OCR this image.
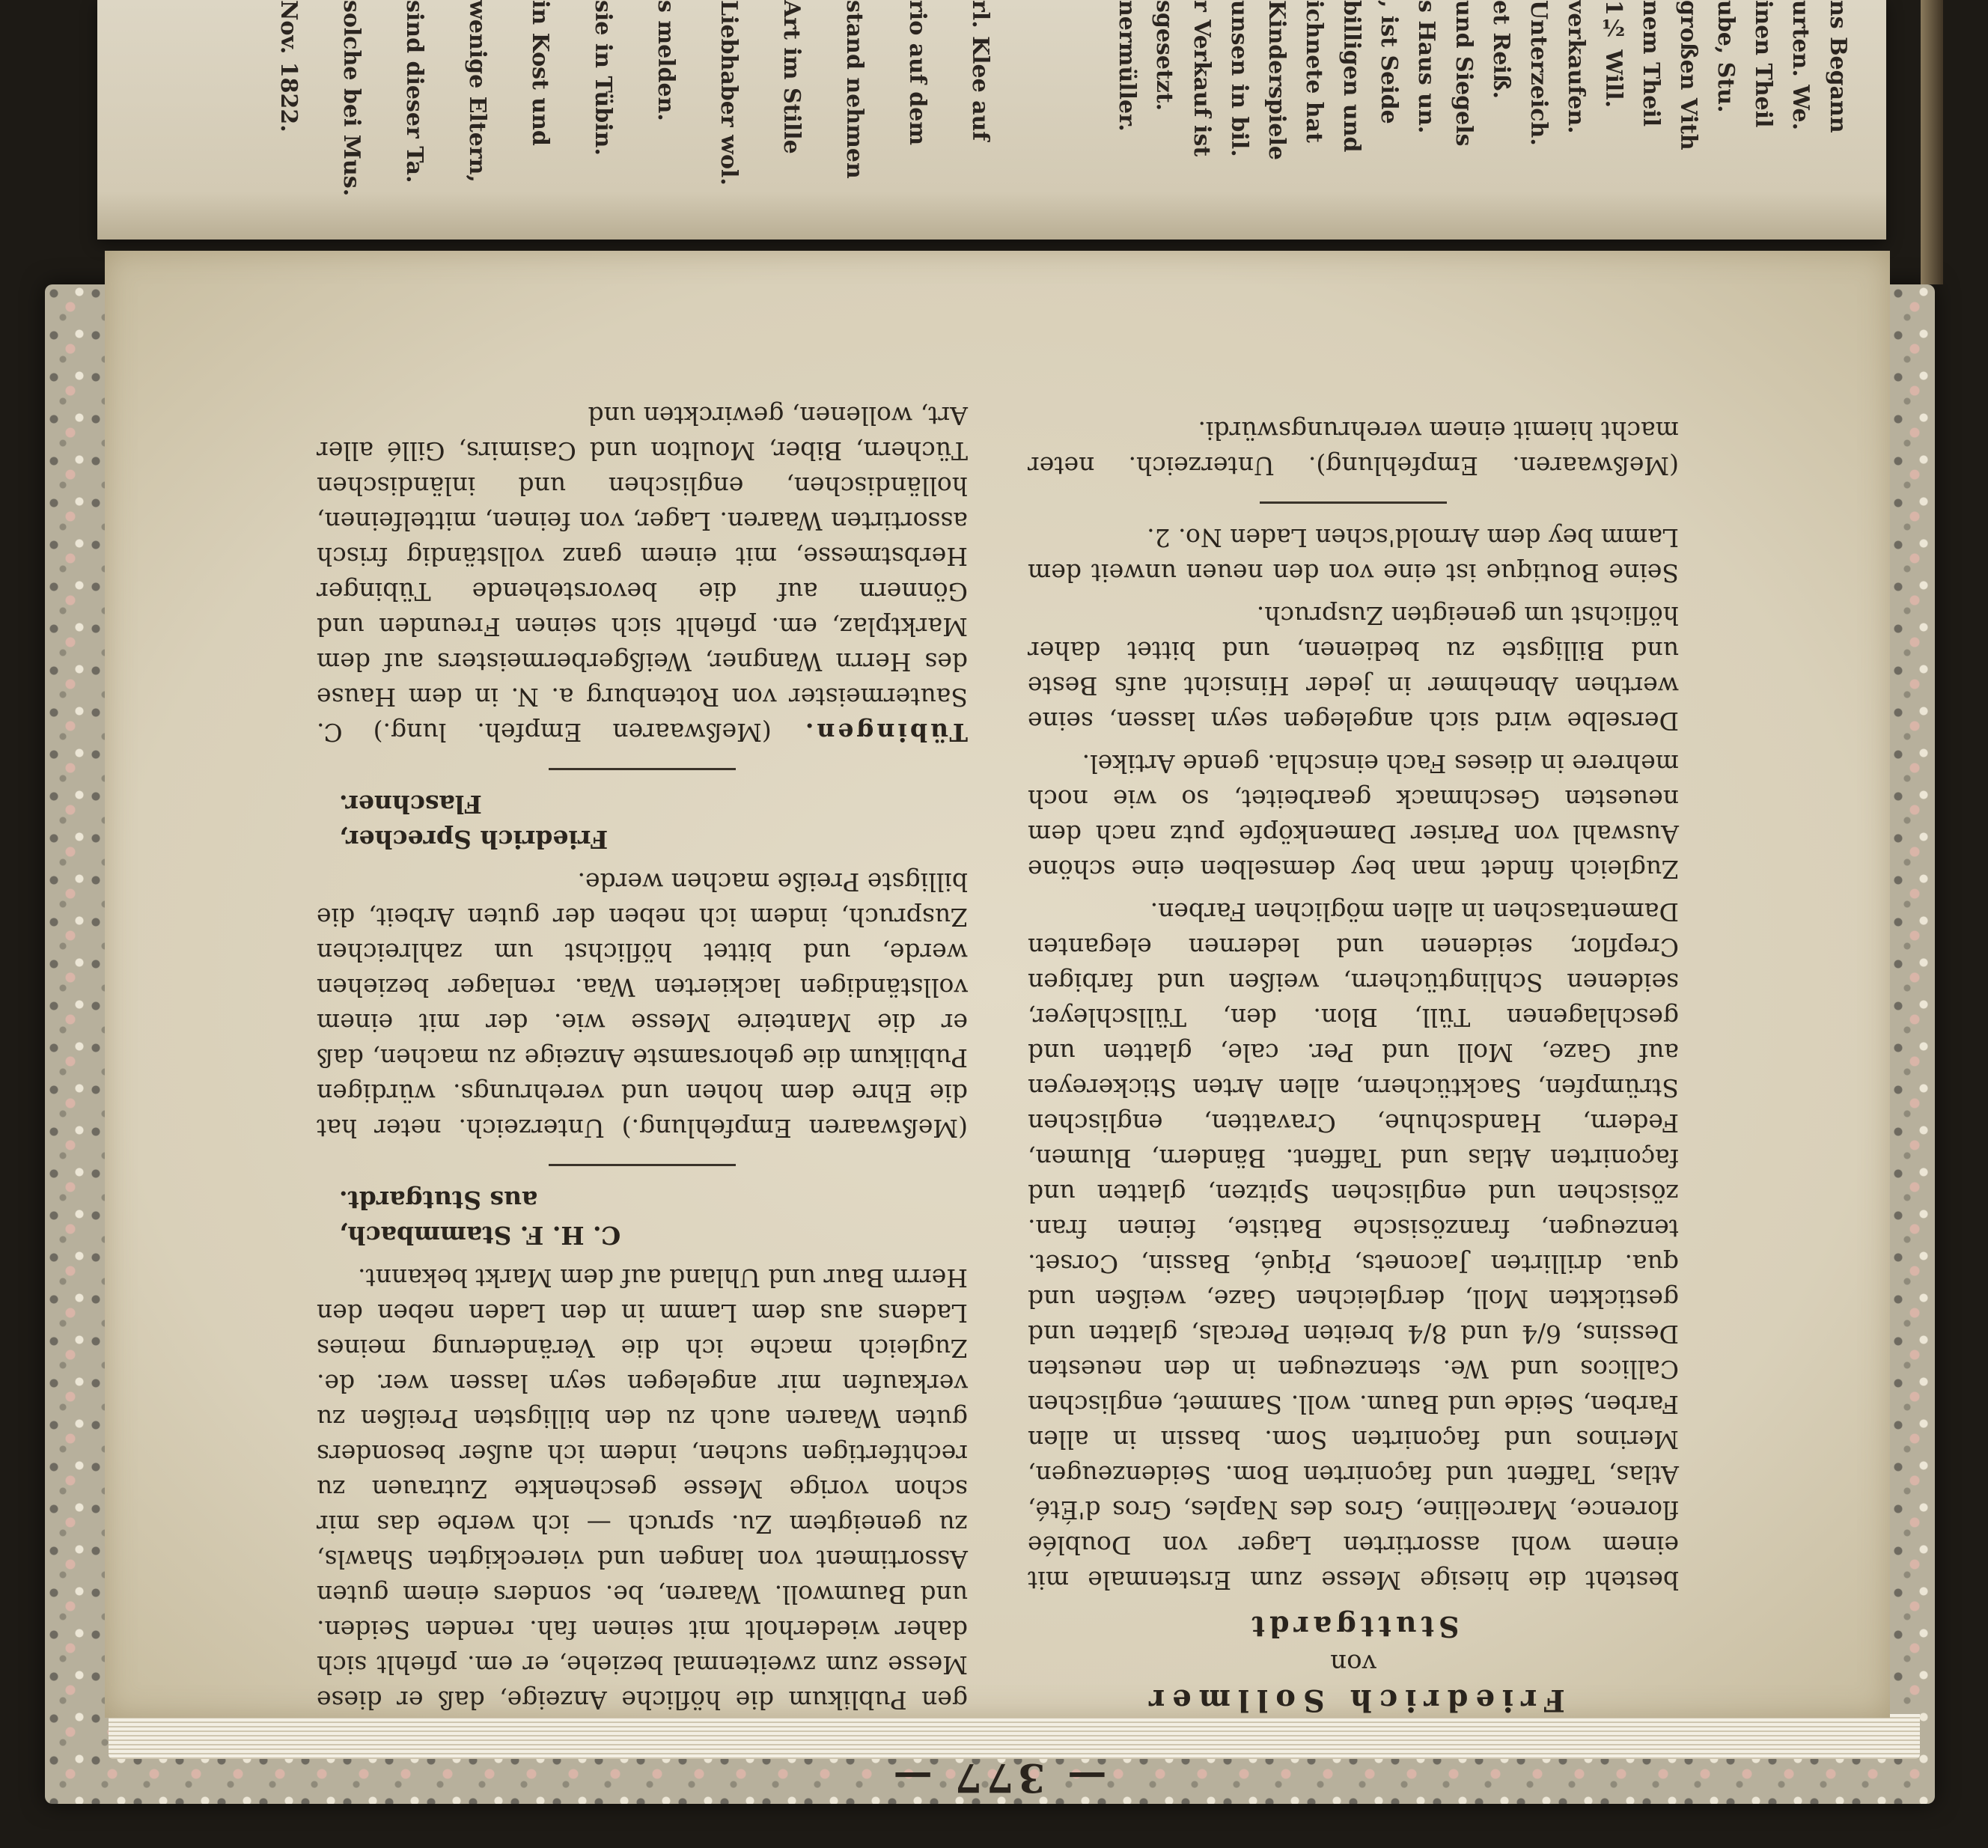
Nov. 1822. solche bei Mus. sind dieser Ta. wenige Eltern, in Kost und sie in Tübin. s melden. Liebhaber wol. Art im Stille stand nehmen rio auf dem rl. Klee auf	nermüller. sgesetzt. r Verkauf ist unsen in bil. Kinderspiele ichnete hat billigen und , ist Seide s Haus un. und Siegels et Reiß. Unterzeich. verkaufen. 1½ Will. nem Theil großen Vith ube, Stu. inen Theil urten. We. ns Begann
— 377 —
Friedrich Sollmer
von
Stuttgardt

besteht die hiesige Messe zum Erstenmale mit einem wohl assortirten Lager von Doublée florence, Marcelline, Gros des Naples, Gros d'Été, Atlas, Taffent und façonirten Bom. Seidenzeugen, Merinos und façonirten Som. bassin in allen Farben, Seide und Baum. woll. Sammet, englischen Callicos und We. stenzeugen in den neuesten Dessins, 6/4 und 8/4 breiten Percals, glatten und gestickten Moll, dergleichen Gaze, weißen und qua. drillirten Jaconets, Piqué, Bassin, Corset. tenzeugen, französische Batiste, feinen fran. zösischen und englischen Spitzen, glatten und façonirten Atlas und Taffent. Bändern, Blumen, Federn, Handschuhe, Cravatten, englischen Strümpfen, Sacktüchern, allen Arten Stickereyen auf Gaze, Moll und Per. cale, glatten und geschlagenen Tüll, Blon. den, Tüllschleyer, seidenen Schlingtüchern, weißen und farbigen Crepflor, seidenen und ledernen eleganten Damentaschen in allen möglichen Farben.

Zugleich findet man bey demselben eine schöne Auswahl von Pariser Damenköpfe putz nach dem neuesten Geschmack gearbeitet, so wie noch mehrere in dieses Fach einschla. gende Artikel.

Derselbe wird sich angelegen seyn lassen, seine werthen Abnehmer in jeder Hinsicht aufs Beste und Billigste zu bedienen, und bittet daher höflichst um geneigten Zuspruch.

Seine Boutique ist eine von den neuen unweit dem Lamm bey dem Arnold'schen Laden No. 2.

(Meßwaaren. Empfehlung). Unterzeich. neter macht hiemit einem verehrungswürdi.

gen Publikum die höfliche Anzeige, daß er diese Messe zum zweitenmal beziehe, er em. pfiehlt sich daher wiederholt mit seinen fah. renden Seiden. und Baumwoll. Waaren, be. sonders einem guten Assortiment von langen und viereckigten Shawls, zu geneigtem Zu. spruch — ich werbe das mir schon vorige Messe geschenkte Zutrauen zu rechtfertigen suchen, indem ich außer besonders guten Waaren auch zu den billigsten Preißen zu verkaufen mir angelegen seyn lassen wer. de. Zugleich mache ich die Veränderung meines Ladens aus dem Lamm in den Laden neben den Herrn Baur und Uhland auf dem Markt bekannt.

C. H. F. Stammbach,
aus Stutgardt.

(Meßwaaren Empfehlung.) Unterzeich. neter hat die Ehre dem hohen und verehrungs. würdigen Publikum die gehorsamste Anzeige zu machen, daß er die Manteire Messe wie. der mit einem vollständigen lackierten Waa. renlager beziehen werde, und bittet höflichst um zahlreichen Zuspruch, indem ich neben der guten Arbeit, die billigste Preiße machen werde.

Friedrich Sprecher,
Flaschner.

Tübingen. (Meßwaaren Empfeh. lung.) C. Sautermeister von Rotenburg a. N. in dem Hause des Herrn Wangner, Weißgerbermeisters auf dem Marktplaz, em. pfiehlt sich seinen Freunden und Gönnern auf die bevorstehende Tübinger Herbstmesse, mit einem ganz vollständig frisch assortirten Waaren. Lager, von feinen, mittelfeinen, holländischen, englischen und inländischen Tüchern, Biber, Moulton und Casimirs, Gillé aller Art, wollenen, gewirckten und
